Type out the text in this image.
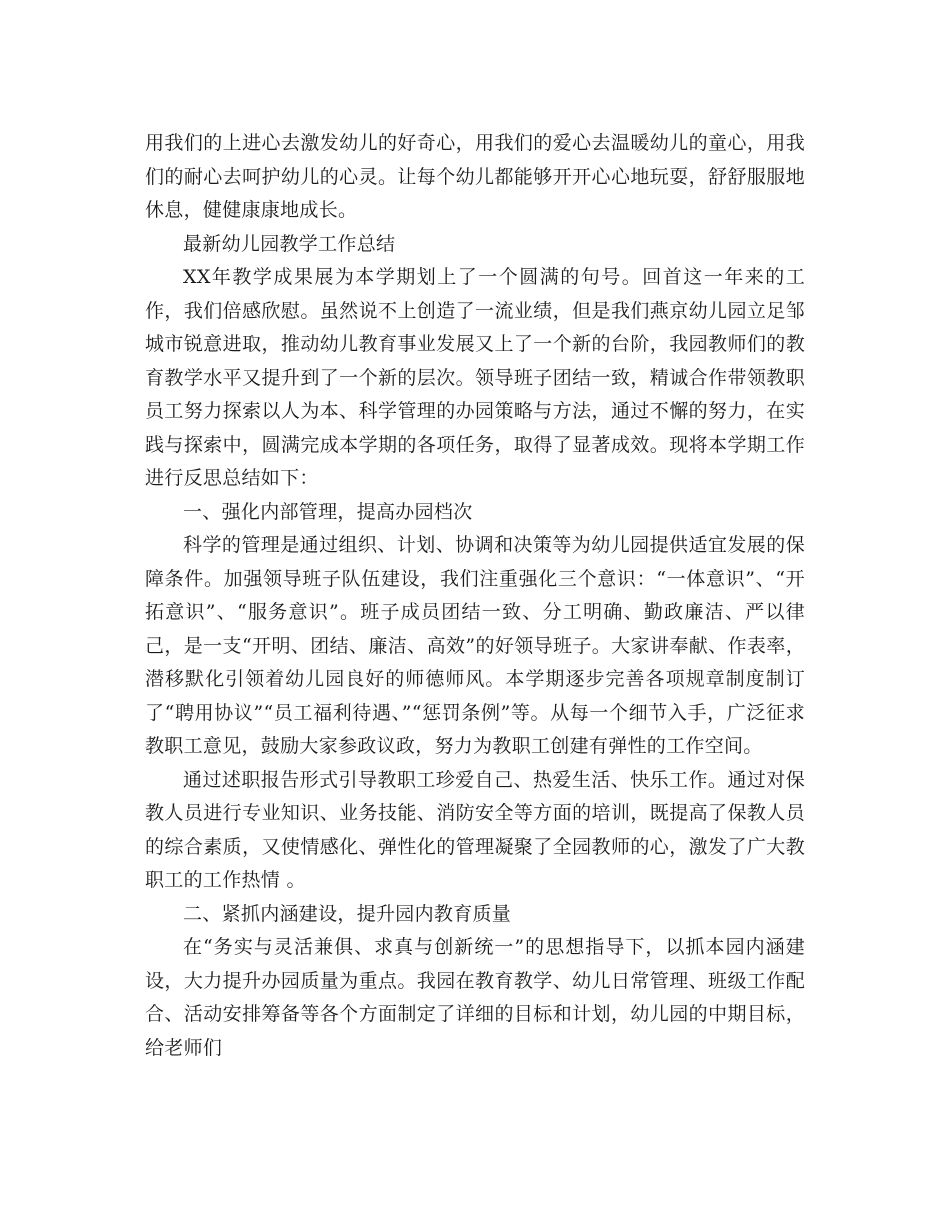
用我们的上进心去激发幼儿的好奇心，用我们的爱心去温暖幼儿的童心，用我们的耐心去呵护幼儿的心灵。让每个幼儿都能够开开心心地玩耍，舒舒服服地休息，健健康康地成长。

最新幼儿园教学工作总结

XX年教学成果展为本学期划上了一个圆满的句号。回首这一年来的工作，我们倍感欣慰。虽然说不上创造了一流业绩，但是我们燕京幼儿园立足邹城市锐意进取，推动幼儿教育事业发展又上了一个新的台阶，我园教师们的教育教学水平又提升到了一个新的层次。领导班子团结一致，精诚合作带领教职员工努力探索以人为本、科学管理的办园策略与方法，通过不懈的努力，在实践与探索中，圆满完成本学期的各项任务，取得了显著成效。现将本学期工作进行反思总结如下：

一、强化内部管理，提高办园档次

科学的管理是通过组织、计划、协调和决策等为幼儿园提供适宜发展的保障条件。加强领导班子队伍建设，我们注重强化三个意识：“一体意识”、“开拓意识”、“服务意识”。班子成员团结一致、分工明确、勤政廉洁、严以律己，是一支“开明、团结、廉洁、高效”的好领导班子。大家讲奉献、作表率，潜移默化引领着幼儿园良好的师德师风。本学期逐步完善各项规章制度制订了“聘用协议”“员工福利待遇、”“惩罚条例”等。从每一个细节入手，广泛征求教职工意见，鼓励大家参政议政，努力为教职工创建有弹性的工作空间。

通过述职报告形式引导教职工珍爱自己、热爱生活、快乐工作。通过对保教人员进行专业知识、业务技能、消防安全等方面的培训，既提高了保教人员的综合素质，又使情感化、弹性化的管理凝聚了全园教师的心，激发了广大教职工的工作热情 。

二、紧抓内涵建设，提升园内教育质量

在“务实与灵活兼俱、求真与创新统一”的思想指导下，以抓本园内涵建设，大力提升办园质量为重点。我园在教育教学、幼儿日常管理、班级工作配合、活动安排筹备等各个方面制定了详细的目标和计划，幼儿园的中期目标，给老师们
